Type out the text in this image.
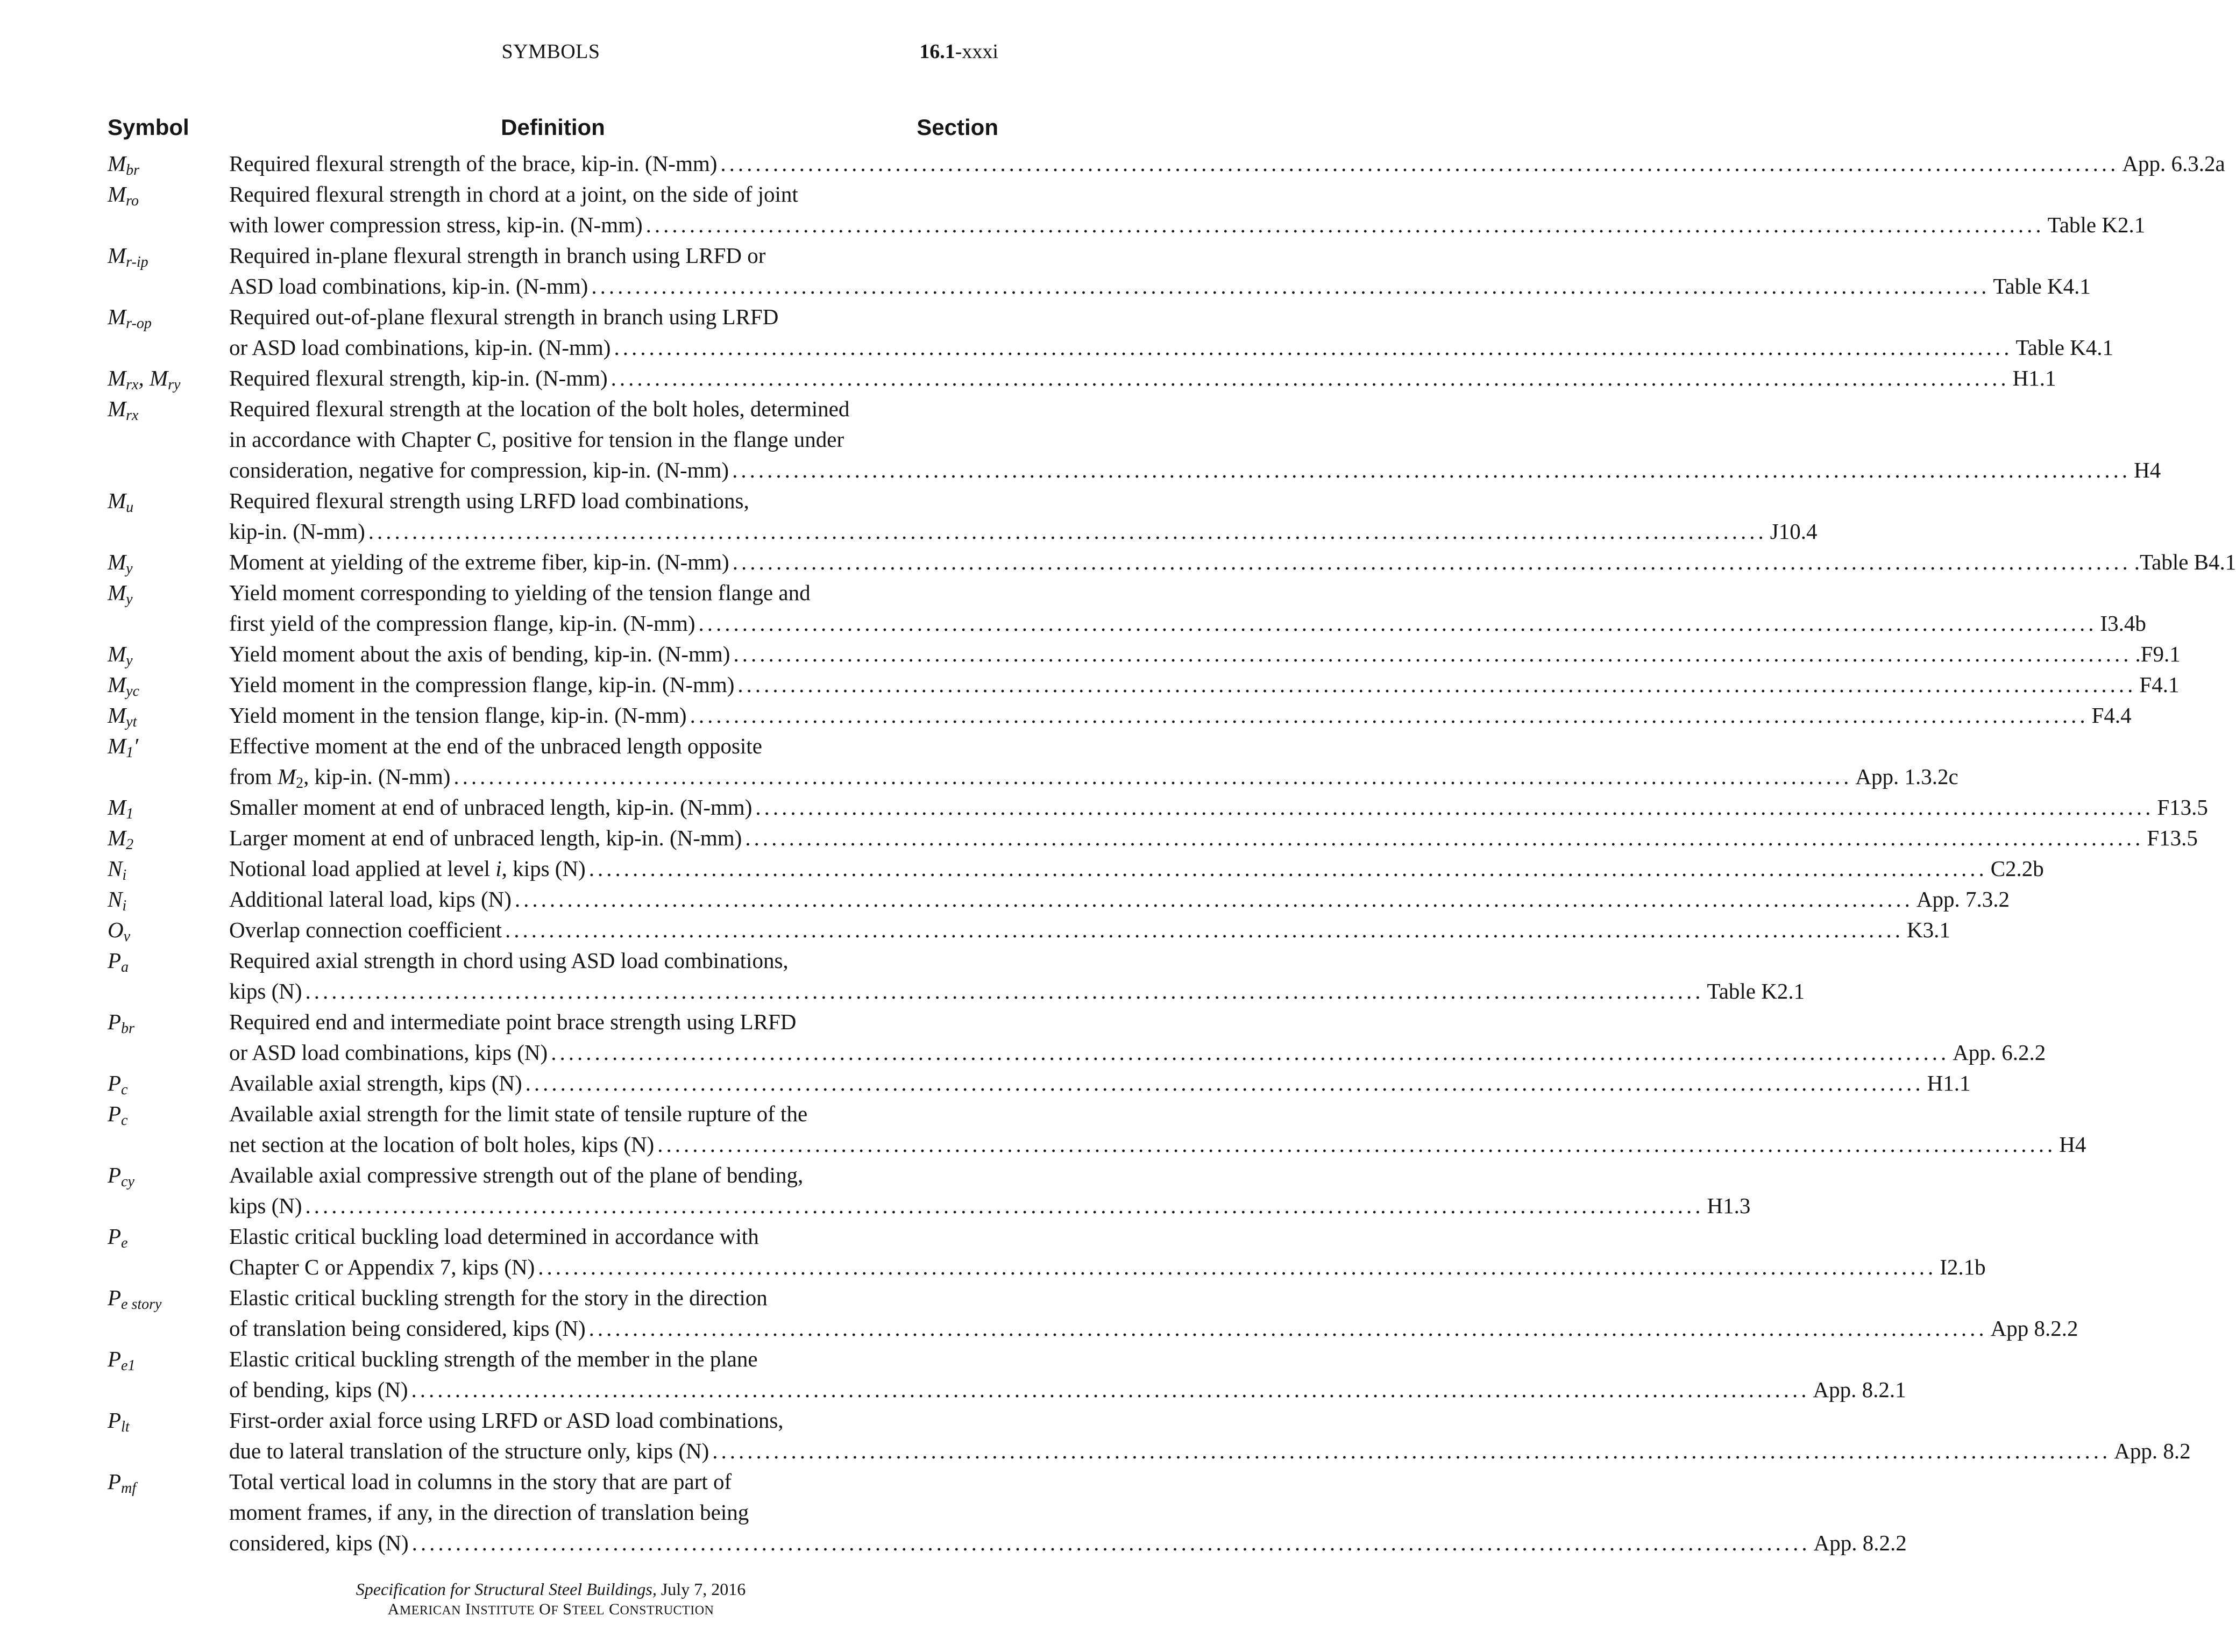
SYMBOLS	16.1-xxxi
Symbol	Definition	Section
$M_{br}$	Required flexural strength of the brace, kip-in. (N-mm) ................................................................................................................................................................ App. 6.3.2a
$M_{ro}$	Required flexural strength in chord at a joint, on the side of joint
with lower compression stress, kip-in. (N-mm) ................................................................................................................................................................ Table K2.1
$M_{r-ip}$	Required in-plane flexural strength in branch using LRFD or
ASD load combinations, kip-in. (N-mm) ................................................................................................................................................................ Table K4.1
$M_{r-op}$	Required out-of-plane flexural strength in branch using LRFD
or ASD load combinations, kip-in. (N-mm) ................................................................................................................................................................ Table K4.1
$M_{rx}$, $M_{ry}$	Required flexural strength, kip-in. (N-mm) ................................................................................................................................................................ H1.1
$M_{rx}$	Required flexural strength at the location of the bolt holes, determined
in accordance with Chapter C, positive for tension in the flange under
consideration, negative for compression, kip-in. (N-mm) ................................................................................................................................................................ H4
$M_u$	Required flexural strength using LRFD load combinations,
kip-in. (N-mm) ................................................................................................................................................................ J10.4
$M_y$	Moment at yielding of the extreme fiber, kip-in. (N-mm) ................................................................................................................................................................ .Table B4.1
$M_y$	Yield moment corresponding to yielding of the tension flange and
first yield of the compression flange, kip-in. (N-mm) ................................................................................................................................................................ I3.4b
$M_y$	Yield moment about the axis of bending, kip-in. (N-mm) ................................................................................................................................................................ .F9.1
$M_{yc}$	Yield moment in the compression flange, kip-in. (N-mm) ................................................................................................................................................................ F4.1
$M_{yt}$	Yield moment in the tension flange, kip-in. (N-mm) ................................................................................................................................................................ F4.4
$M_1'$	Effective moment at the end of the unbraced length opposite
from $M_2$, kip-in. (N-mm) ................................................................................................................................................................ App. 1.3.2c
$M_1$	Smaller moment at end of unbraced length, kip-in. (N-mm) ................................................................................................................................................................ F13.5
$M_2$	Larger moment at end of unbraced length, kip-in. (N-mm) ................................................................................................................................................................ F13.5
$N_i$	Notional load applied at level i, kips (N) ................................................................................................................................................................ C2.2b
$N_i$	Additional lateral load, kips (N) ................................................................................................................................................................ App. 7.3.2
$O_v$	Overlap connection coefficient ................................................................................................................................................................ K3.1
$P_a$	Required axial strength in chord using ASD load combinations,
kips (N) ................................................................................................................................................................ Table K2.1
$P_{br}$	Required end and intermediate point brace strength using LRFD
or ASD load combinations, kips (N) ................................................................................................................................................................ App. 6.2.2
$P_c$	Available axial strength, kips (N) ................................................................................................................................................................ H1.1
$P_c$	Available axial strength for the limit state of tensile rupture of the
net section at the location of bolt holes, kips (N) ................................................................................................................................................................ H4
$P_{cy}$	Available axial compressive strength out of the plane of bending,
kips (N) ................................................................................................................................................................ H1.3
$P_e$	Elastic critical buckling load determined in accordance with
Chapter C or Appendix 7, kips (N) ................................................................................................................................................................ I2.1b
$P_{e story}$	Elastic critical buckling strength for the story in the direction
of translation being considered, kips (N) ................................................................................................................................................................ App 8.2.2
$P_{e1}$	Elastic critical buckling strength of the member in the plane
of bending, kips (N) ................................................................................................................................................................ App. 8.2.1
$P_{lt}$	First-order axial force using LRFD or ASD load combinations,
due to lateral translation of the structure only, kips (N) ................................................................................................................................................................ App. 8.2
$P_{mf}$	Total vertical load in columns in the story that are part of
moment frames, if any, in the direction of translation being
considered, kips (N) ................................................................................................................................................................ App. 8.2.2
Specification for Structural Steel Buildings, July 7, 2016
AMERICAN INSTITUTE OF STEEL CONSTRUCTION
